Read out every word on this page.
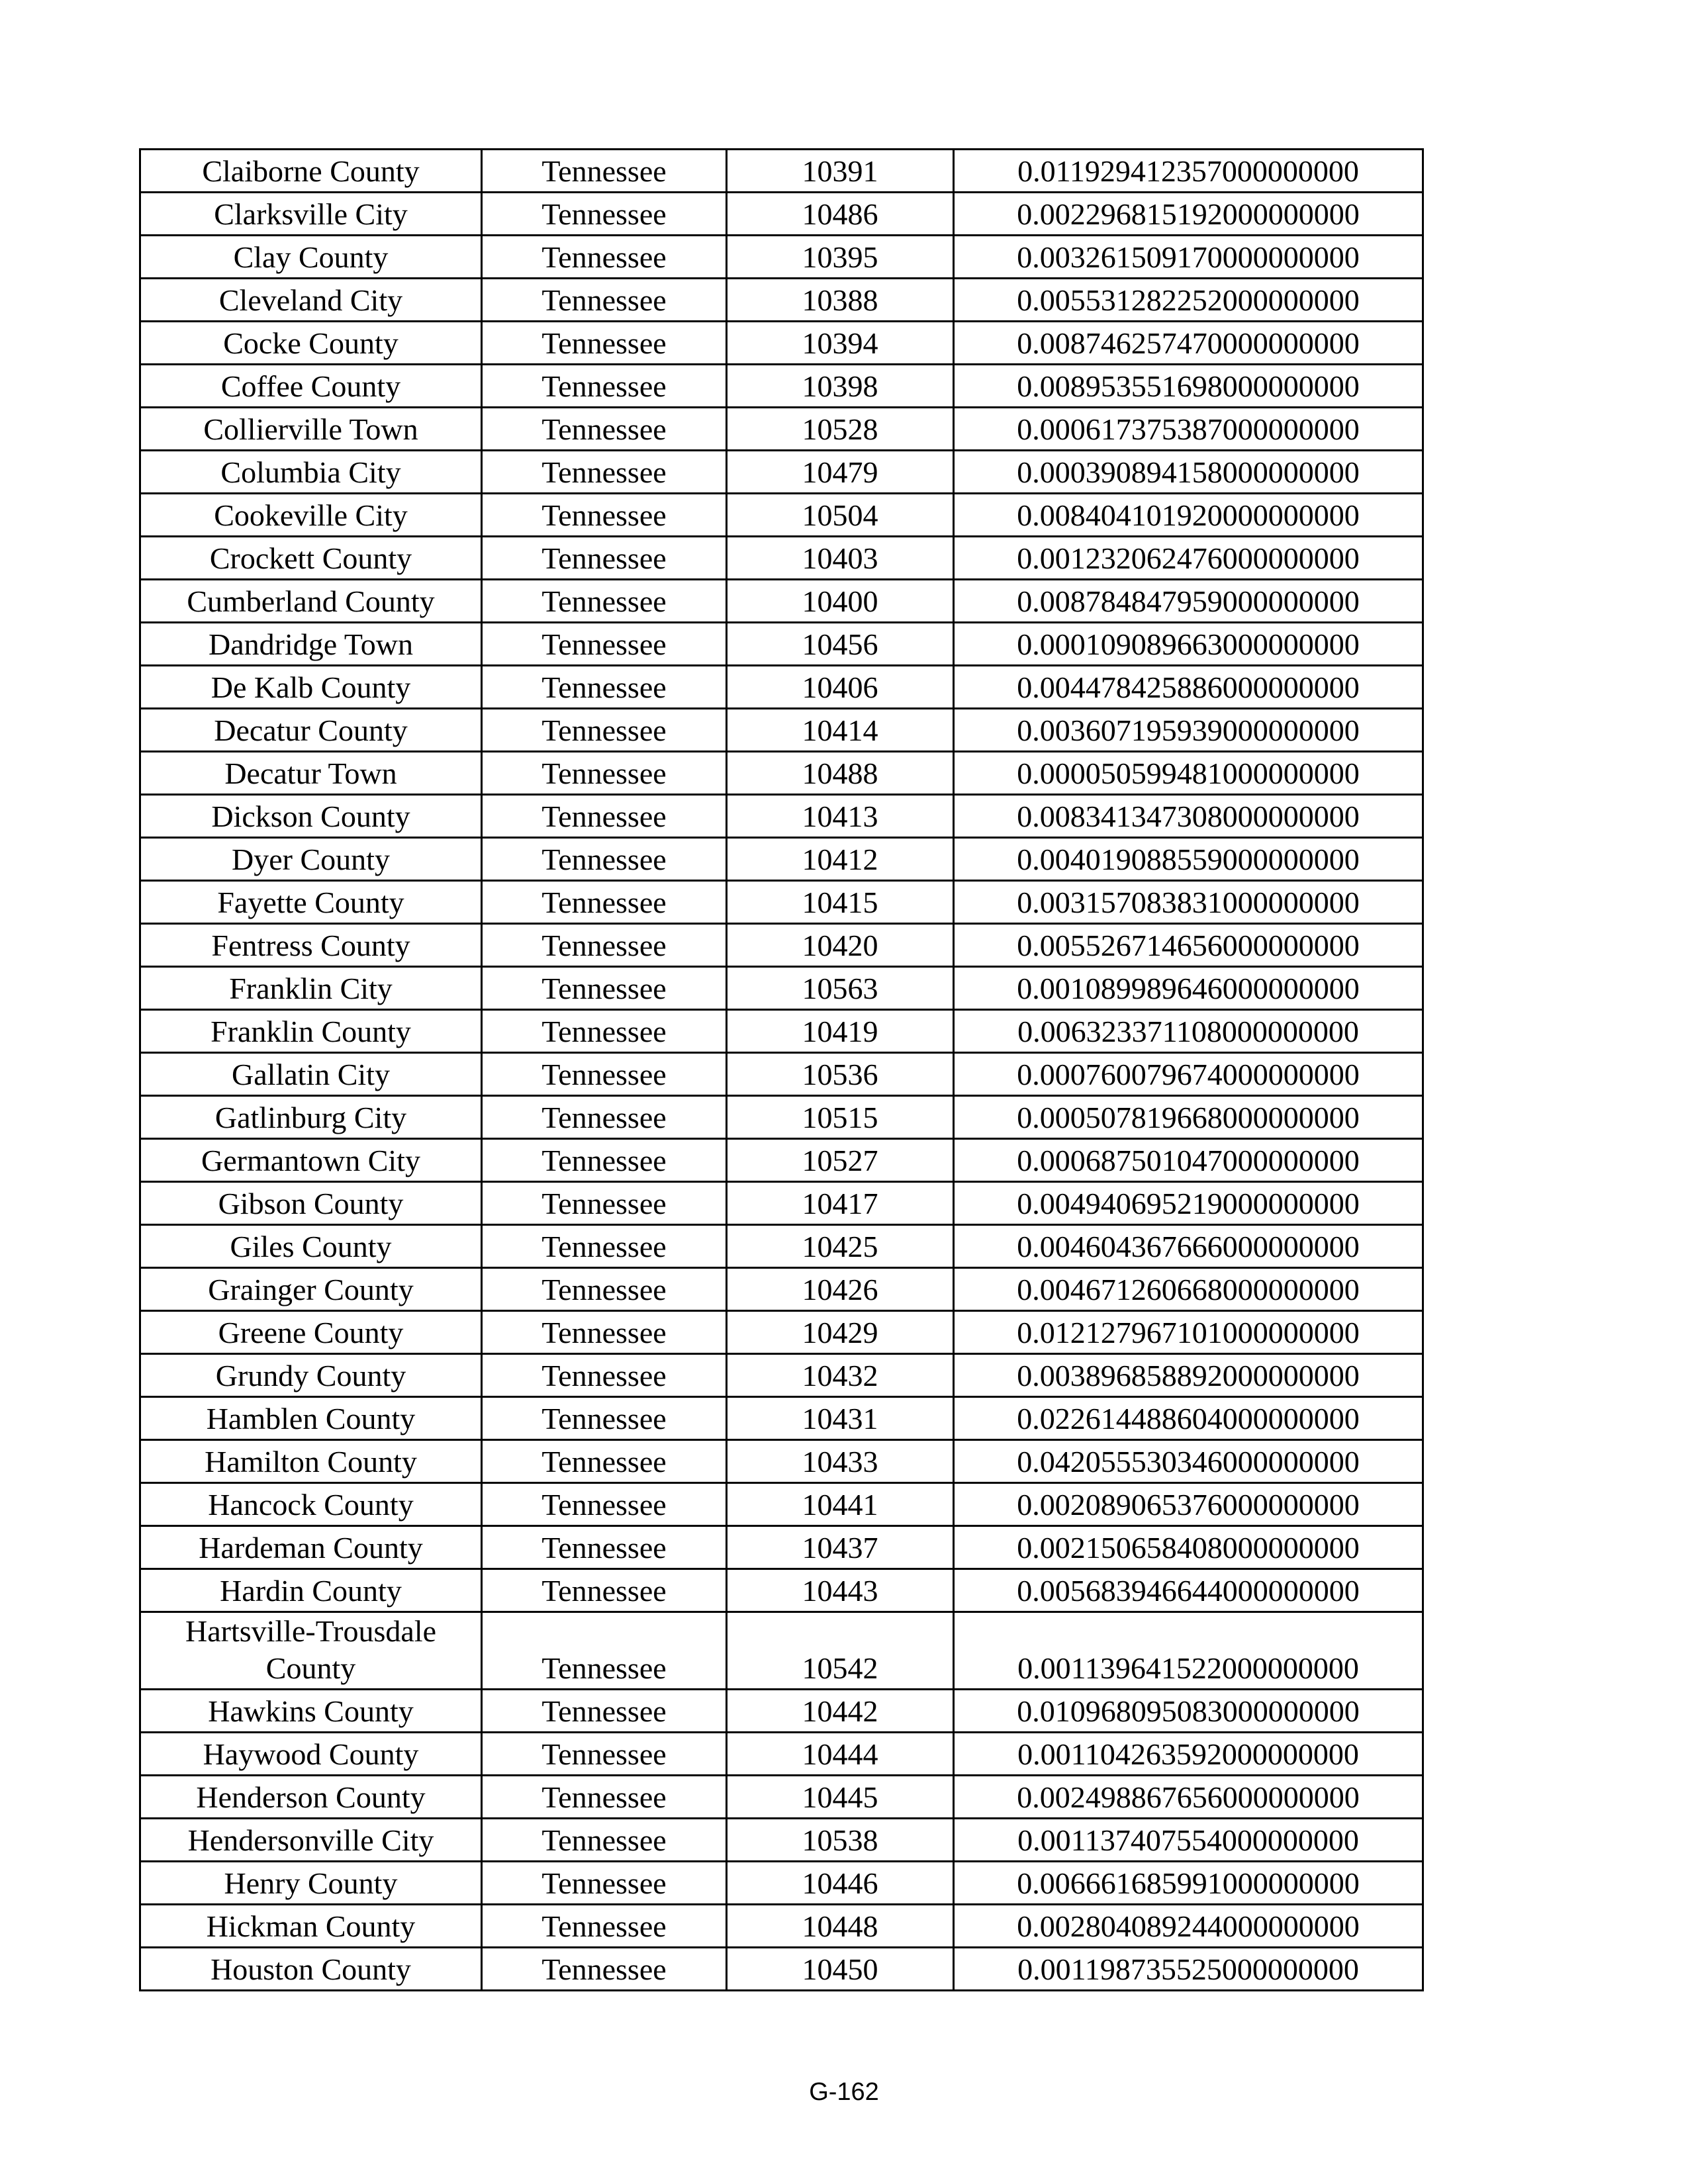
Claiborne County	Tennessee	10391	0.011929412357000000000
Clarksville City	Tennessee	10486	0.002296815192000000000
Clay County	Tennessee	10395	0.003261509170000000000
Cleveland City	Tennessee	10388	0.005531282252000000000
Cocke County	Tennessee	10394	0.008746257470000000000
Coffee County	Tennessee	10398	0.008953551698000000000
Collierville Town	Tennessee	10528	0.000617375387000000000
Columbia City	Tennessee	10479	0.000390894158000000000
Cookeville City	Tennessee	10504	0.008404101920000000000
Crockett County	Tennessee	10403	0.001232062476000000000
Cumberland County	Tennessee	10400	0.008784847959000000000
Dandridge Town	Tennessee	10456	0.000109089663000000000
De Kalb County	Tennessee	10406	0.004478425886000000000
Decatur County	Tennessee	10414	0.003607195939000000000
Decatur Town	Tennessee	10488	0.000050599481000000000
Dickson County	Tennessee	10413	0.008341347308000000000
Dyer County	Tennessee	10412	0.004019088559000000000
Fayette County	Tennessee	10415	0.003157083831000000000
Fentress County	Tennessee	10420	0.005526714656000000000
Franklin City	Tennessee	10563	0.001089989646000000000
Franklin County	Tennessee	10419	0.006323371108000000000
Gallatin City	Tennessee	10536	0.000760079674000000000
Gatlinburg City	Tennessee	10515	0.000507819668000000000
Germantown City	Tennessee	10527	0.000687501047000000000
Gibson County	Tennessee	10417	0.004940695219000000000
Giles County	Tennessee	10425	0.004604367666000000000
Grainger County	Tennessee	10426	0.004671260668000000000
Greene County	Tennessee	10429	0.012127967101000000000
Grundy County	Tennessee	10432	0.003896858892000000000
Hamblen County	Tennessee	10431	0.022614488604000000000
Hamilton County	Tennessee	10433	0.042055530346000000000
Hancock County	Tennessee	10441	0.002089065376000000000
Hardeman County	Tennessee	10437	0.002150658408000000000
Hardin County	Tennessee	10443	0.005683946644000000000
Hartsville-Trousdale County	Tennessee	10542	0.001139641522000000000
Hawkins County	Tennessee	10442	0.010968095083000000000
Haywood County	Tennessee	10444	0.001104263592000000000
Henderson County	Tennessee	10445	0.002498867656000000000
Hendersonville City	Tennessee	10538	0.001137407554000000000
Henry County	Tennessee	10446	0.006661685991000000000
Hickman County	Tennessee	10448	0.002804089244000000000
Houston County	Tennessee	10450	0.001198735525000000000
G-162
